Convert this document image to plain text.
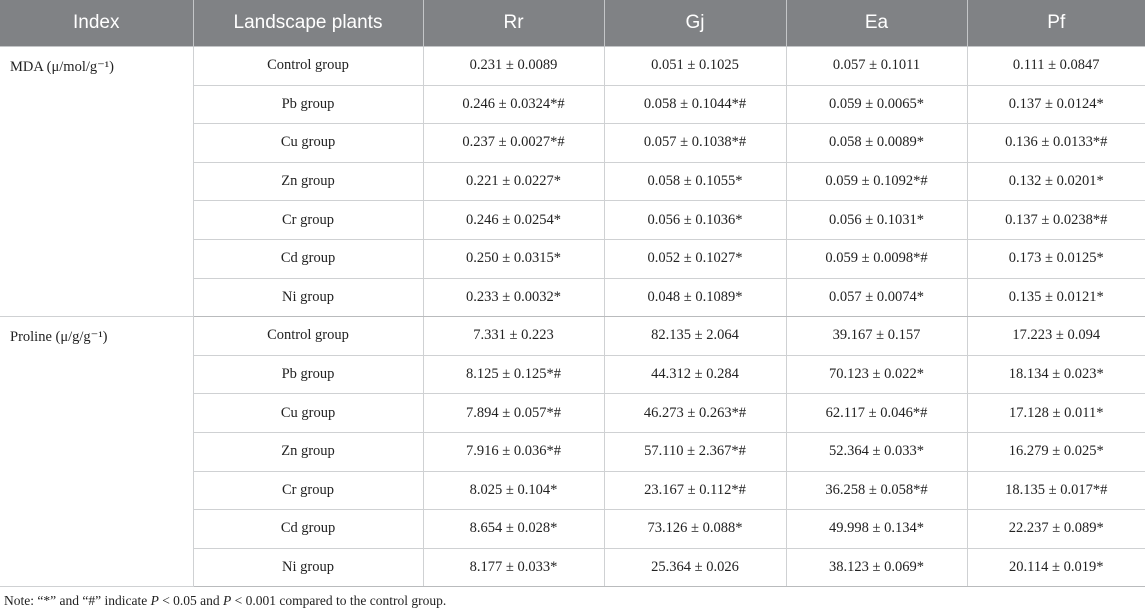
Index	Landscape plants	Rr	Gj	Ea	Pf
MDA (μ/mol/g⁻¹)	Control group	0.231 ± 0.0089	0.051 ± 0.1025	0.057 ± 0.1011	0.111 ± 0.0847
	Pb group	0.246 ± 0.0324*#	0.058 ± 0.1044*#	0.059 ± 0.0065*	0.137 ± 0.0124*
	Cu group	0.237 ± 0.0027*#	0.057 ± 0.1038*#	0.058 ± 0.0089*	0.136 ± 0.0133*#
	Zn group	0.221 ± 0.0227*	0.058 ± 0.1055*	0.059 ± 0.1092*#	0.132 ± 0.0201*
	Cr group	0.246 ± 0.0254*	0.056 ± 0.1036*	0.056 ± 0.1031*	0.137 ± 0.0238*#
	Cd group	0.250 ± 0.0315*	0.052 ± 0.1027*	0.059 ± 0.0098*#	0.173 ± 0.0125*
	Ni group	0.233 ± 0.0032*	0.048 ± 0.1089*	0.057 ± 0.0074*	0.135 ± 0.0121*
Proline (μ/g/g⁻¹)	Control group	7.331 ± 0.223	82.135 ± 2.064	39.167 ± 0.157	17.223 ± 0.094
	Pb group	8.125 ± 0.125*#	44.312 ± 0.284	70.123 ± 0.022*	18.134 ± 0.023*
	Cu group	7.894 ± 0.057*#	46.273 ± 0.263*#	62.117 ± 0.046*#	17.128 ± 0.011*
	Zn group	7.916 ± 0.036*#	57.110 ± 2.367*#	52.364 ± 0.033*	16.279 ± 0.025*
	Cr group	8.025 ± 0.104*	23.167 ± 0.112*#	36.258 ± 0.058*#	18.135 ± 0.017*#
	Cd group	8.654 ± 0.028*	73.126 ± 0.088*	49.998 ± 0.134*	22.237 ± 0.089*
	Ni group	8.177 ± 0.033*	25.364 ± 0.026	38.123 ± 0.069*	20.114 ± 0.019*
Note: “*” and “#” indicate P < 0.05 and P < 0.001 compared to the control group.
